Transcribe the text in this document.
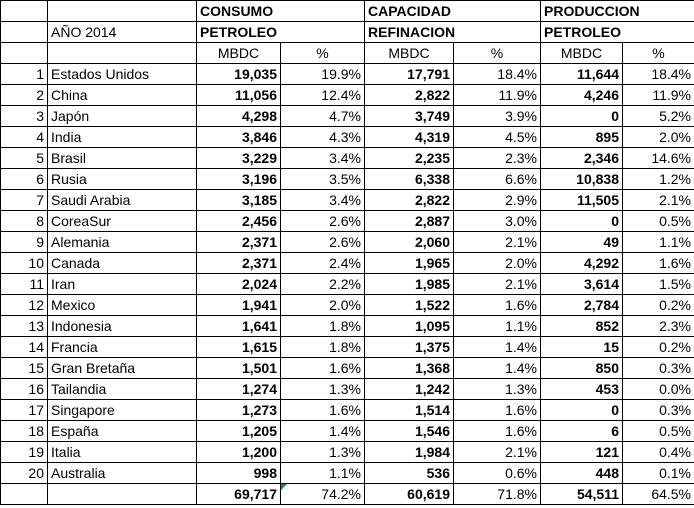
		CONSUMO		CAPACIDAD		PRODUCCION	
	AÑO 2014	PETROLEO		REFINACION		PETROLEO	
		MBDC	%	MBDC	%	MBDC	%
1	Estados Unidos	19,035	19.9%	17,791	18.4%	11,644	18.4%
2	China	11,056	12.4%	2,822	11.9%	4,246	11.9%
3	Japón	4,298	4.7%	3,749	3.9%	0	5.2%
4	India	3,846	4.3%	4,319	4.5%	895	2.0%
5	Brasil	3,229	3.4%	2,235	2.3%	2,346	14.6%
6	Rusia	3,196	3.5%	6,338	6.6%	10,838	1.2%
7	Saudi Arabia	3,185	3.4%	2,822	2.9%	11,505	2.1%
8	CoreaSur	2,456	2.6%	2,887	3.0%	0	0.5%
9	Alemania	2,371	2.6%	2,060	2.1%	49	1.1%
10	Canada	2,371	2.4%	1,965	2.0%	4,292	1.6%
11	Iran	2,024	2.2%	1,985	2.1%	3,614	1.5%
12	Mexico	1,941	2.0%	1,522	1.6%	2,784	0.2%
13	Indonesia	1,641	1.8%	1,095	1.1%	852	2.3%
14	Francia	1,615	1.8%	1,375	1.4%	15	0.2%
15	Gran Bretaña	1,501	1.6%	1,368	1.4%	850	0.3%
16	Tailandia	1,274	1.3%	1,242	1.3%	453	0.0%
17	Singapore	1,273	1.6%	1,514	1.6%	0	0.3%
18	España	1,205	1.4%	1,546	1.6%	6	0.5%
19	Italia	1,200	1.3%	1,984	2.1%	121	0.4%
20	Australia	998	1.1%	536	0.6%	448	0.1%
		69,717	74.2%	60,619	71.8%	54,511	64.5%
